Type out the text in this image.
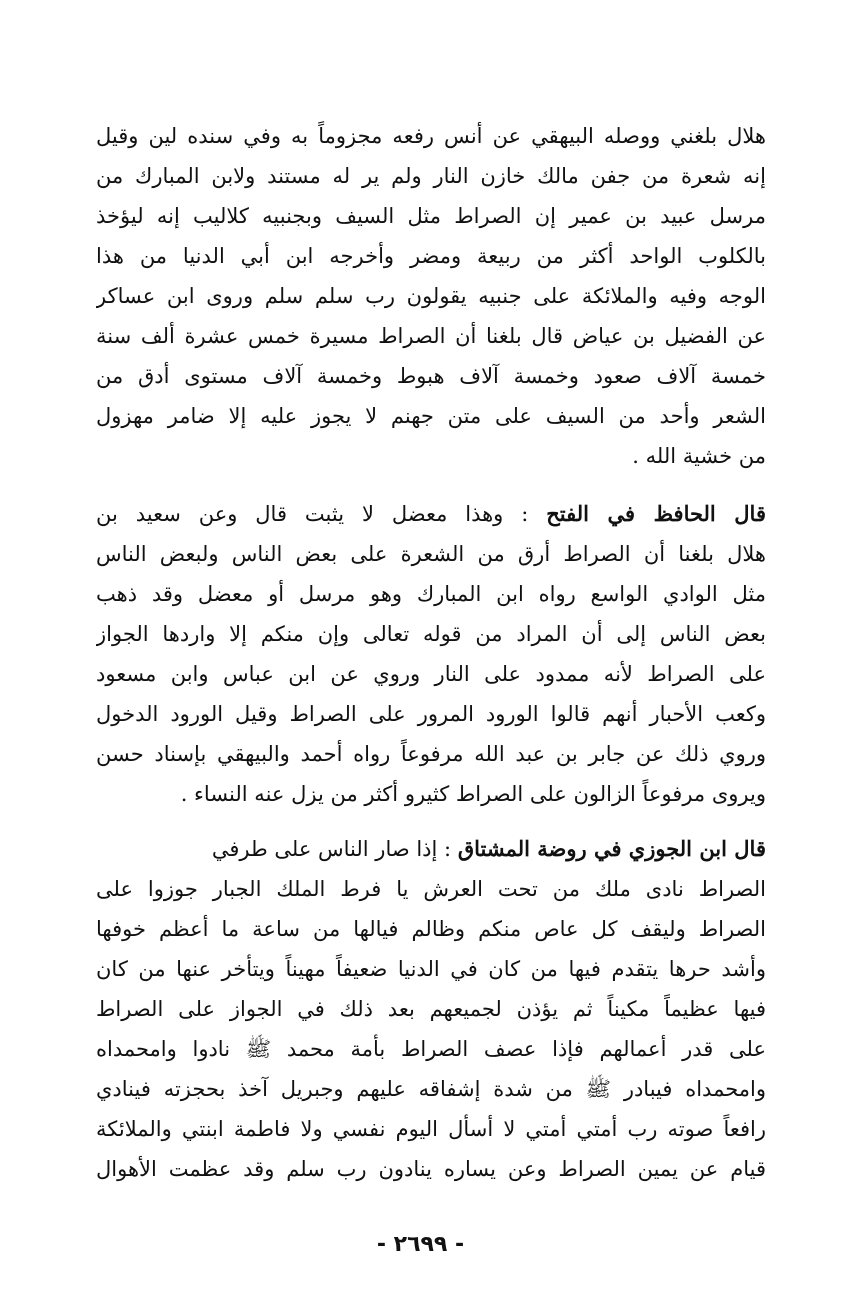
هلال بلغني ووصله البيهقي عن أنس رفعه مجزوماً به وفي سنده لين وقيل
إنه شعرة من جفن مالك خازن النار ولم ير له مستند ولابن المبارك من
مرسل عبيد بن عمير إن الصراط مثل السيف وبجنبيه كلاليب إنه ليؤخذ
بالكلوب الواحد أكثر من ربيعة ومضر وأخرجه ابن أبي الدنيا من هذا
الوجه وفيه والملائكة على جنبيه يقولون رب سلم سلم وروى ابن عساكر
عن الفضيل بن عياض قال بلغنا أن الصراط مسيرة خمس عشرة ألف سنة
خمسة آلاف صعود وخمسة آلاف هبوط وخمسة آلاف مستوى أدق من
الشعر وأحد من السيف على متن جهنم لا يجوز عليه إلا ضامر مهزول
من خشية الله .
قال الحافظ في الفتح : وهذا معضل لا يثبت قال وعن سعيد بن
هلال بلغنا أن الصراط أرق من الشعرة على بعض الناس ولبعض الناس
مثل الوادي الواسع رواه ابن المبارك وهو مرسل أو معضل وقد ذهب
بعض الناس إلى أن المراد من قوله تعالى وإن منكم إلا واردها الجواز
على الصراط لأنه ممدود على النار وروي عن ابن عباس وابن مسعود
وكعب الأحبار أنهم قالوا الورود المرور على الصراط وقيل الورود الدخول
وروي ذلك عن جابر بن عبد الله مرفوعاً رواه أحمد والبيهقي بإسناد حسن
ويروى مرفوعاً الزالون على الصراط كثيرو أكثر من يزل عنه النساء .
قال ابن الجوزي في روضة المشتاق : إذا صار الناس على طرفي
الصراط نادى ملك من تحت العرش يا فرط الملك الجبار جوزوا على
الصراط وليقف كل عاص منكم وظالم فيالها من ساعة ما أعظم خوفها
وأشد حرها يتقدم فيها من كان في الدنيا ضعيفاً مهيناً ويتأخر عنها من كان
فيها عظيماً مكيناً ثم يؤذن لجميعهم بعد ذلك في الجواز على الصراط
على قدر أعمالهم فإذا عصف الصراط بأمة محمد ﷺ نادوا وامحمداه
وامحمداه فيبادر ﷺ من شدة إشفاقه عليهم وجبريل آخذ بحجزته فينادي
رافعاً صوته رب أمتي أمتي لا أسأل اليوم نفسي ولا فاطمة ابنتي والملائكة
قيام عن يمين الصراط وعن يساره ينادون رب سلم وقد عظمت الأهوال
- ٢٦٩٩ -
